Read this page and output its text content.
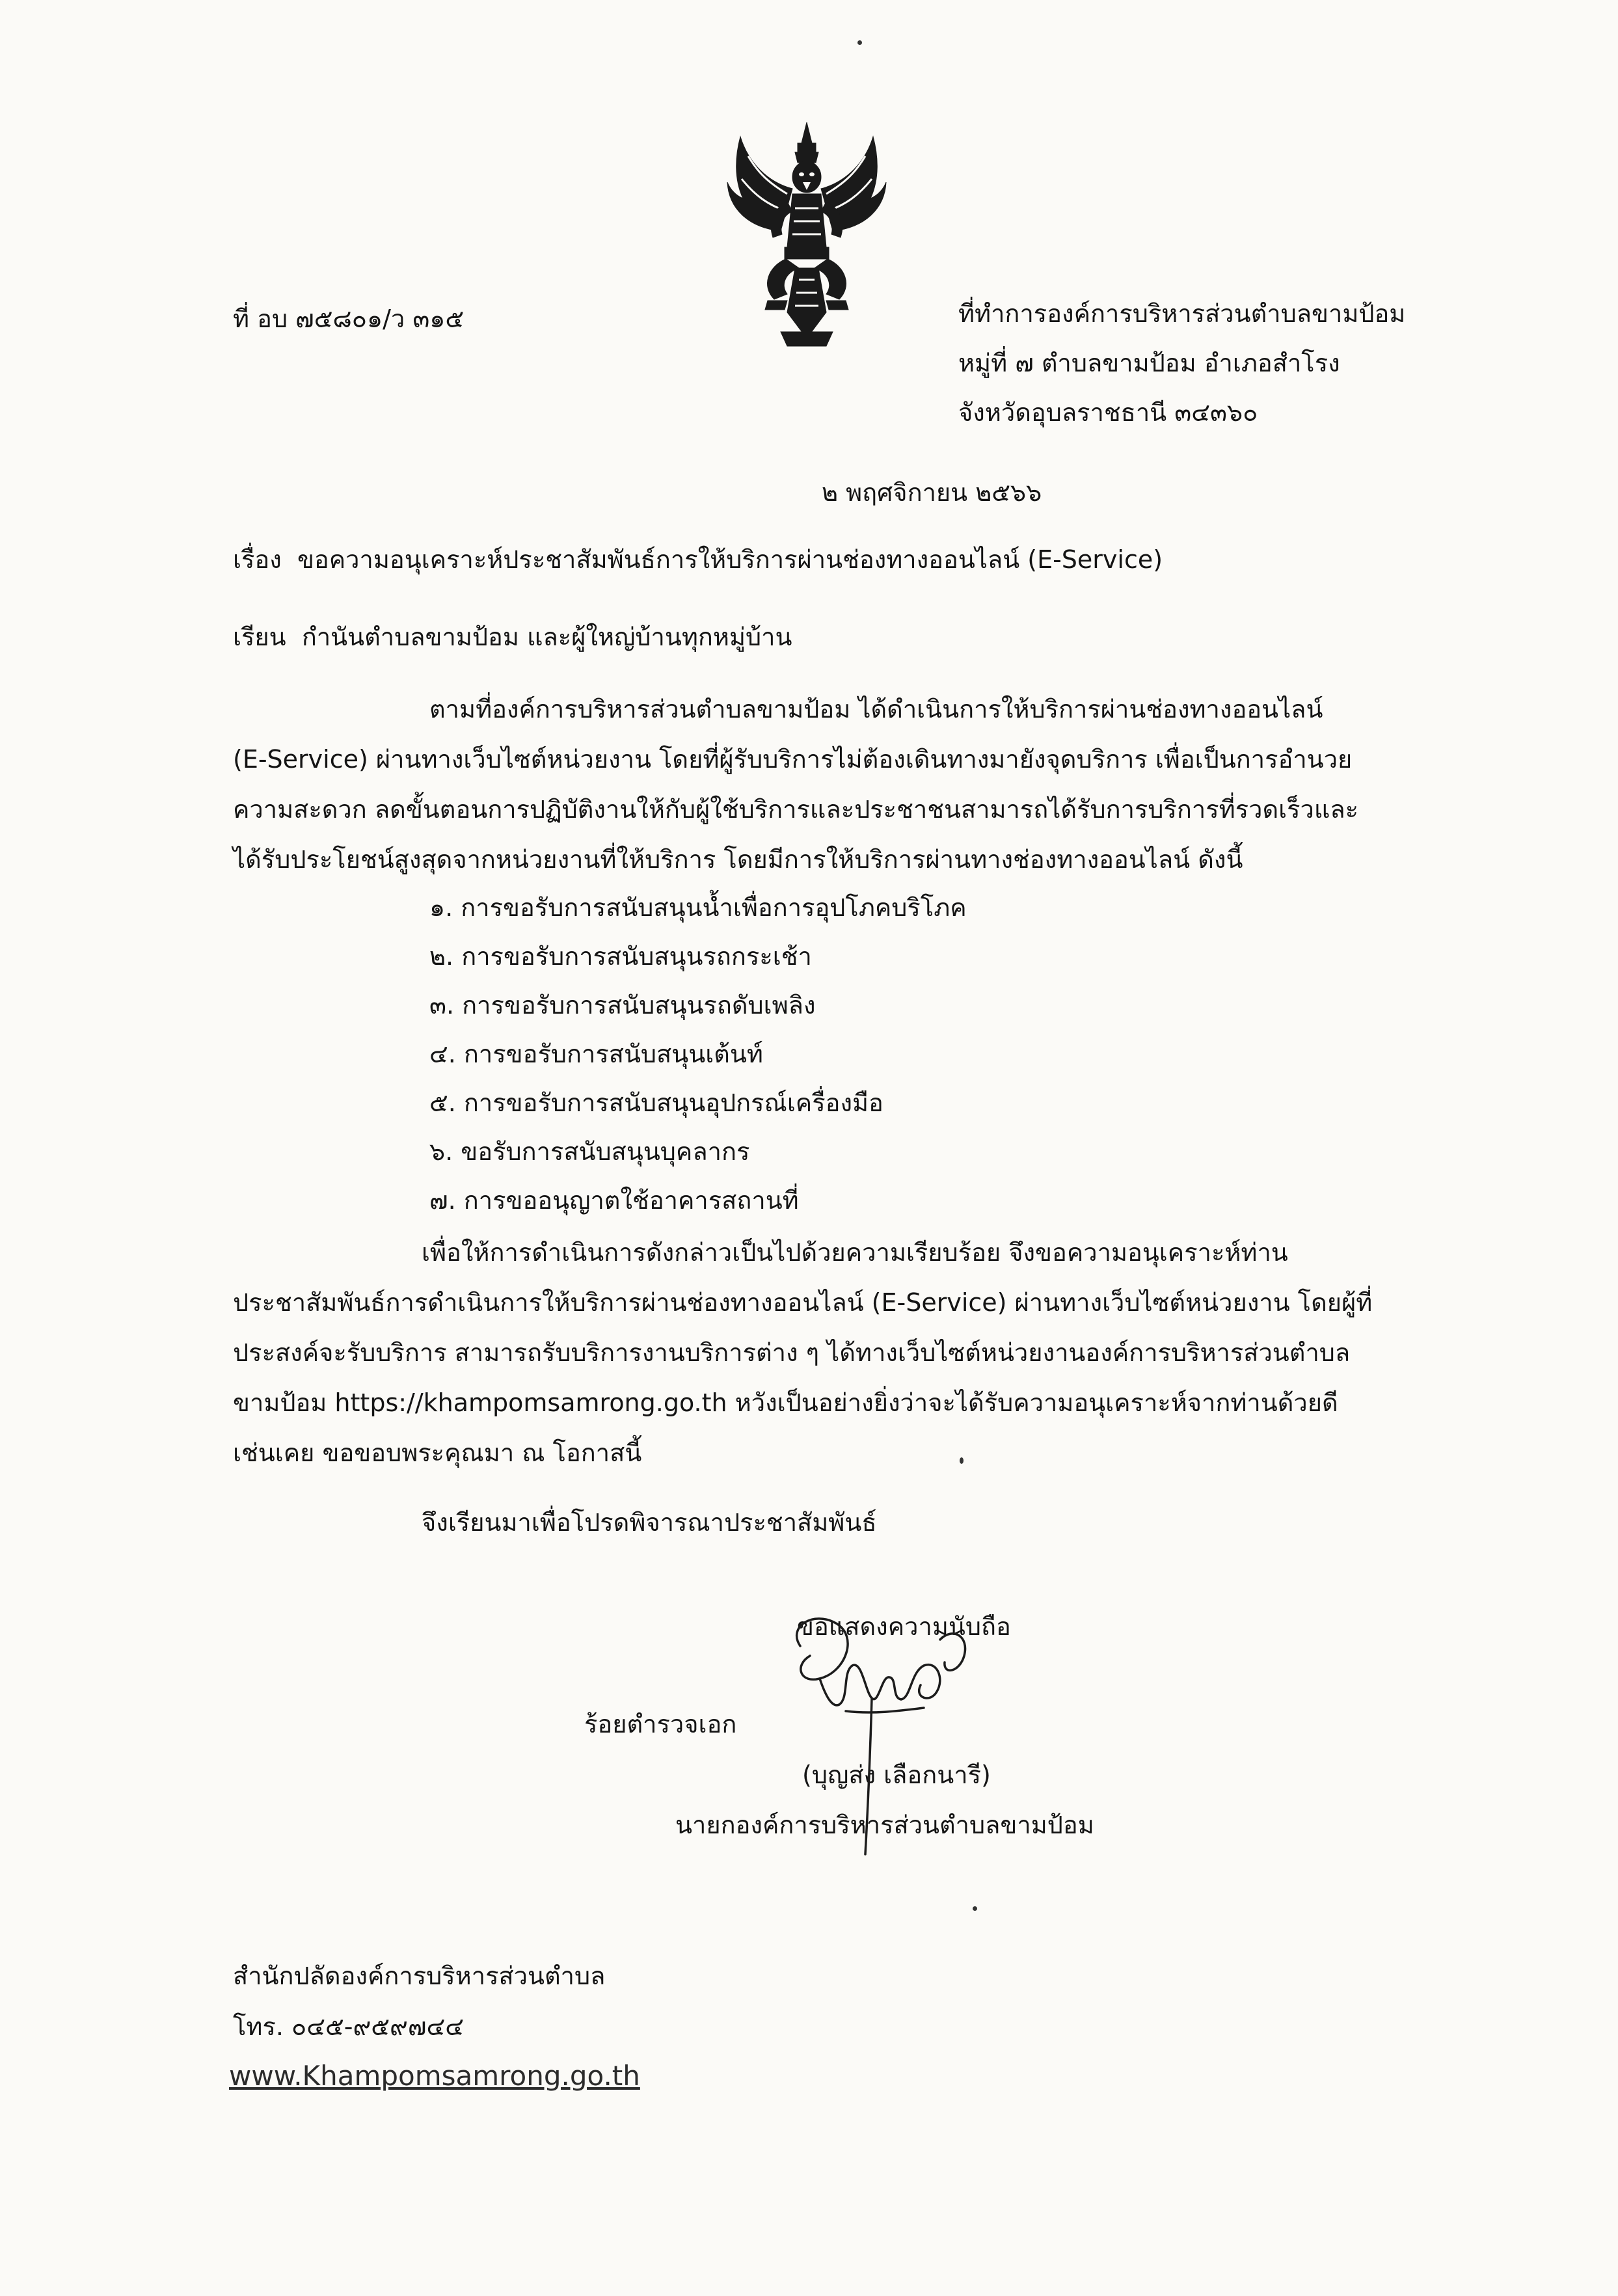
ที่ อบ ๗๕๘๐๑/ว ๓๑๕	ที่ทำการองค์การบริหารส่วนตำบลขามป้อม
หมู่ที่ ๗ ตำบลขามป้อม อำเภอสำโรง
จังหวัดอุบลราชธานี ๓๔๓๖๐
๒ พฤศจิกายน ๒๕๖๖
เรื่อง ขอความอนุเคราะห์ประชาสัมพันธ์การให้บริการผ่านช่องทางออนไลน์ (E-Service)
เรียน กำนันตำบลขามป้อม และผู้ใหญ่บ้านทุกหมู่บ้าน
ตามที่องค์การบริหารส่วนตำบลขามป้อม ได้ดำเนินการให้บริการผ่านช่องทางออนไลน์
(E-Service) ผ่านทางเว็บไซต์หน่วยงาน โดยที่ผู้รับบริการไม่ต้องเดินทางมายังจุดบริการ เพื่อเป็นการอำนวย
ความสะดวก ลดขั้นตอนการปฏิบัติงานให้กับผู้ใช้บริการและประชาชนสามารถได้รับการบริการที่รวดเร็วและ
ได้รับประโยชน์สูงสุดจากหน่วยงานที่ให้บริการ โดยมีการให้บริการผ่านทางช่องทางออนไลน์ ดังนี้
๑. การขอรับการสนับสนุนน้ำเพื่อการอุปโภคบริโภค
๒. การขอรับการสนับสนุนรถกระเช้า
๓. การขอรับการสนับสนุนรถดับเพลิง
๔. การขอรับการสนับสนุนเต้นท์
๕. การขอรับการสนับสนุนอุปกรณ์เครื่องมือ
๖. ขอรับการสนับสนุนบุคลากร
๗. การขออนุญาตใช้อาคารสถานที่
เพื่อให้การดำเนินการดังกล่าวเป็นไปด้วยความเรียบร้อย จึงขอความอนุเคราะห์ท่าน
ประชาสัมพันธ์การดำเนินการให้บริการผ่านช่องทางออนไลน์ (E-Service) ผ่านทางเว็บไซต์หน่วยงาน โดยผู้ที่
ประสงค์จะรับบริการ สามารถรับบริการงานบริการต่าง ๆ ได้ทางเว็บไซต์หน่วยงานองค์การบริหารส่วนตำบล
ขามป้อม https://khampomsamrong.go.th หวังเป็นอย่างยิ่งว่าจะได้รับความอนุเคราะห์จากท่านด้วยดี
เช่นเคย ขอขอบพระคุณมา ณ โอกาสนี้
จึงเรียนมาเพื่อโปรดพิจารณาประชาสัมพันธ์
ขอแสดงความนับถือ
ร้อยตำรวจเอก
(บุญส่ง เลือกนารี)
นายกองค์การบริหารส่วนตำบลขามป้อม
สำนักปลัดองค์การบริหารส่วนตำบล
โทร. ๐๔๕-๙๕๙๗๔๔
www.Khampomsamrong.go.th
